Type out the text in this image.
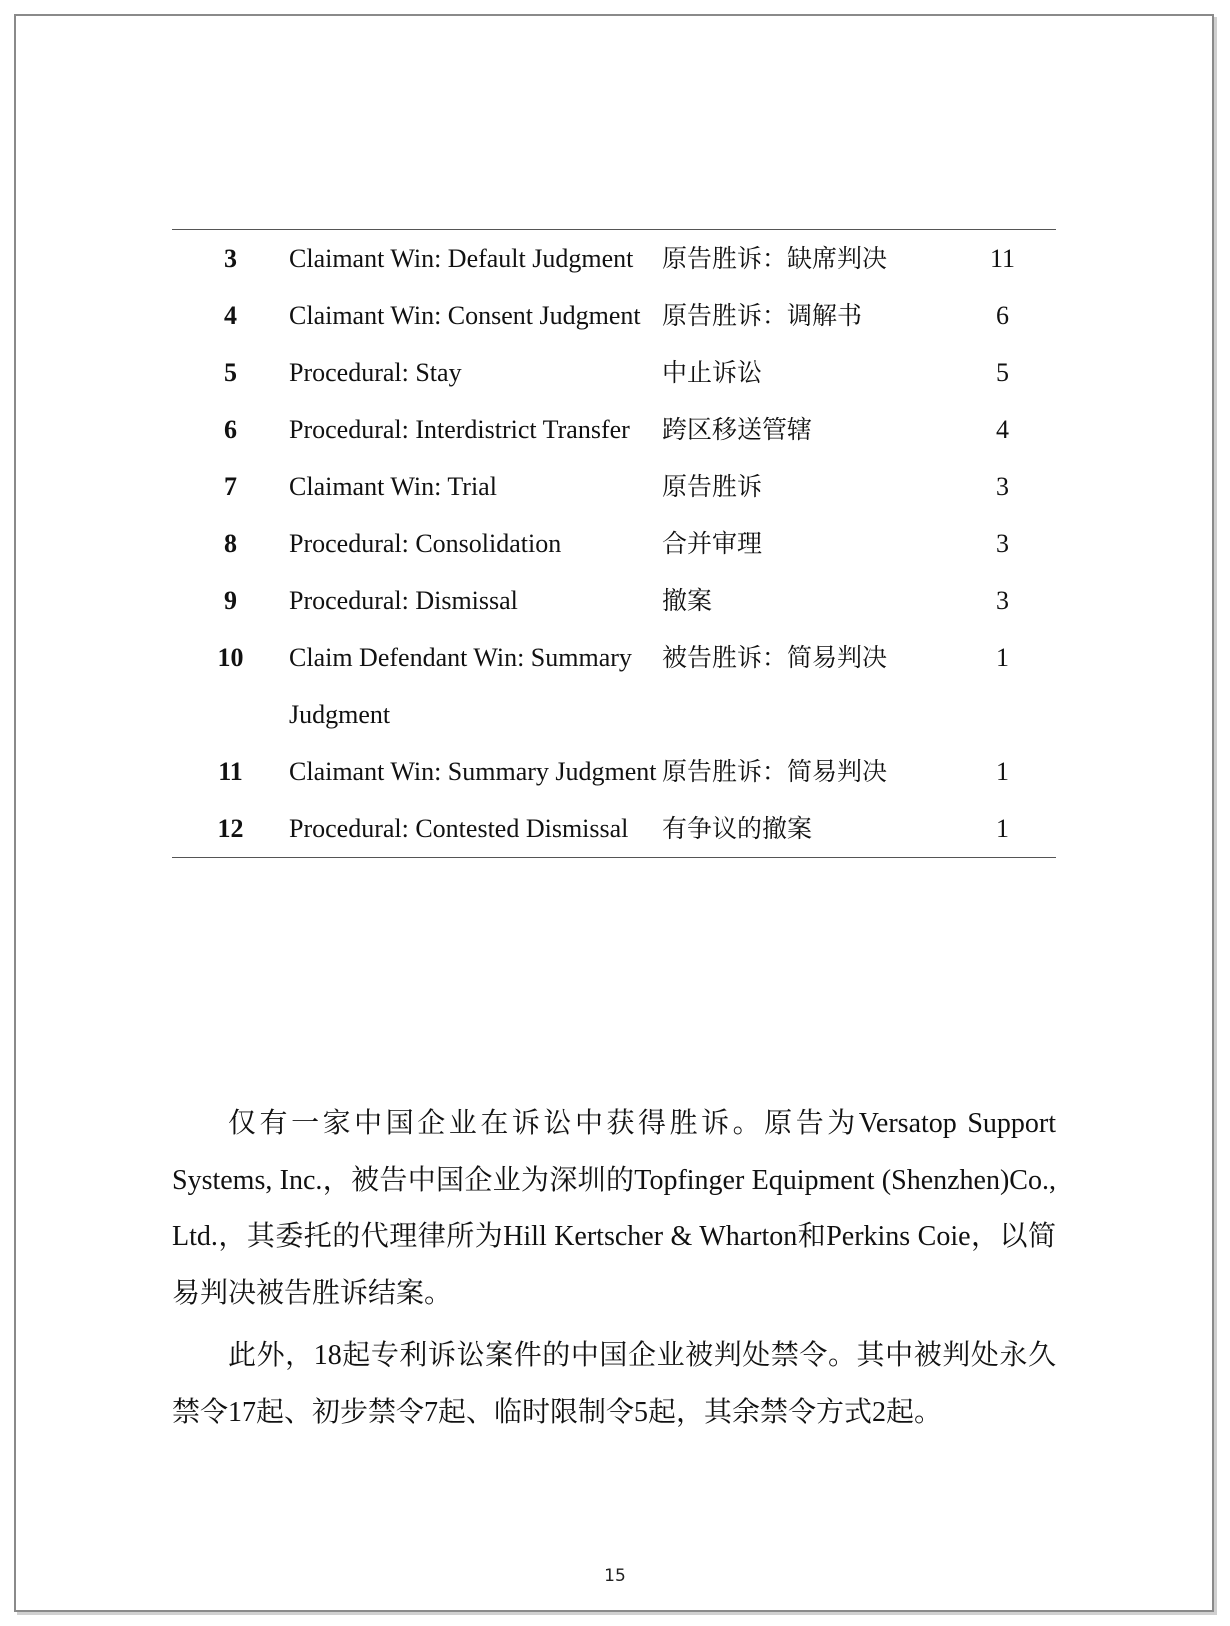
3	Claimant Win: Default Judgment	原告胜诉：缺席判决	11
4	Claimant Win: Consent Judgment	原告胜诉：调解书	6
5	Procedural: Stay	中止诉讼	5
6	Procedural: Interdistrict Transfer	跨区移送管辖	4
7	Claimant Win: Trial	原告胜诉	3
8	Procedural: Consolidation	合并审理	3
9	Procedural: Dismissal	撤案	3
10	Claim Defendant Win: Summary Judgment	被告胜诉：简易判决	1
11	Claimant Win: Summary Judgment	原告胜诉：简易判决	1
12	Procedural: Contested Dismissal	有争议的撤案	1

仅有一家中国企业在诉讼中获得胜诉。原告为Versatop Support Systems, Inc.，被告中国企业为深圳的Topfinger Equipment (Shenzhen)Co., Ltd.，其委托的代理律所为Hill Kertscher & Wharton和Perkins Coie，以简易判决被告胜诉结案。

此外，18起专利诉讼案件的中国企业被判处禁令。其中被判处永久禁令17起、初步禁令7起、临时限制令5起，其余禁令方式2起。

15
